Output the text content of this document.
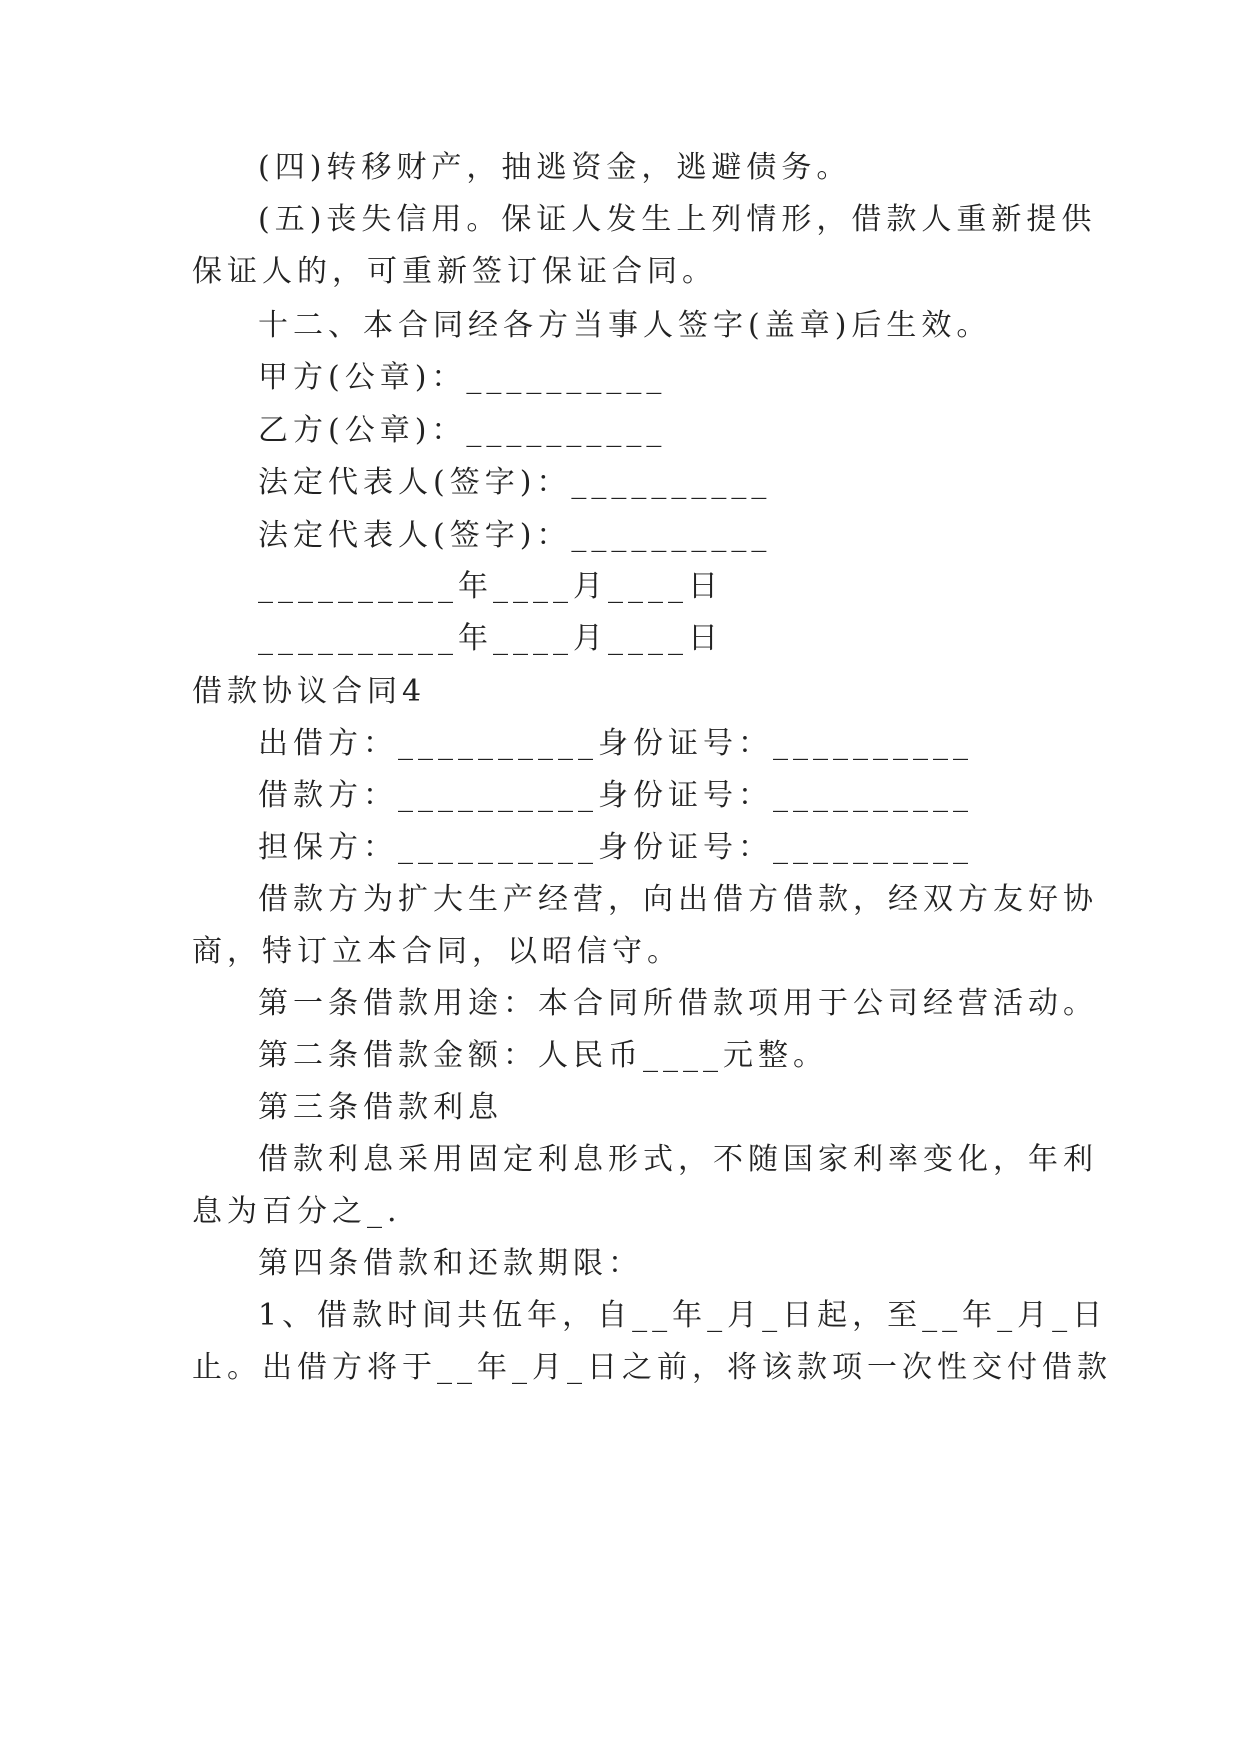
(四)转移财产，抽逃资金，逃避债务。
(五)丧失信用。保证人发生上列情形，借款人重新提供
保证人的，可重新签订保证合同。
十二、本合同经各方当事人签字(盖章)后生效。
甲方(公章)：__________
乙方(公章)：__________
法定代表人(签字)：__________
法定代表人(签字)：__________
__________年____月____日
__________年____月____日
借款协议合同4
出借方：__________身份证号：__________
借款方：__________身份证号：__________
担保方：__________身份证号：__________
借款方为扩大生产经营，向出借方借款，经双方友好协
商，特订立本合同，以昭信守。
第一条借款用途：本合同所借款项用于公司经营活动。
第二条借款金额：人民币____元整。
第三条借款利息
借款利息采用固定利息形式，不随国家利率变化，年利
息为百分之_.
第四条借款和还款期限：
1、借款时间共伍年，自__年_月_日起，至__年_月_日
止。出借方将于__年_月_日之前，将该款项一次性交付借款
